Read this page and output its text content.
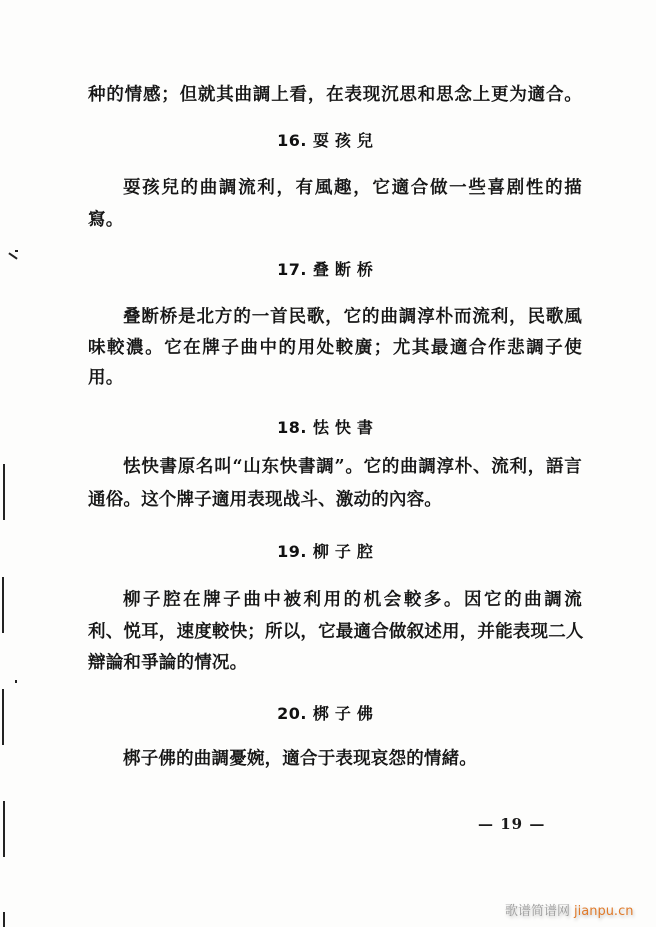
种的情感；但就其曲調上看，在表现沉思和思念上更为適合。
16. 耍孩兒
耍孩兒的曲調流利，有風趣，它適合做一些喜剧性的描
寫。
17. 叠断桥
叠断桥是北方的一首民歌，它的曲調淳朴而流利，民歌風
味較濃。它在牌子曲中的用处較廣；尤其最適合作悲調子使
用。
18. 怯快書
怯快書原名叫“山东快書調”。它的曲調淳朴、流利，語言
通俗。这个牌子適用表现战斗、激动的內容。
19. 柳子腔
柳子腔在牌子曲中被利用的机会較多。因它的曲調流
利、悦耳，速度較快；所以，它最適合做叙述用，并能表现二人
辯論和爭論的情况。
20. 梆子佛
梆子佛的曲調憂婉，適合于表现哀怨的情緒。
— 19 —
歌谱简谱网 jianpu.cn
